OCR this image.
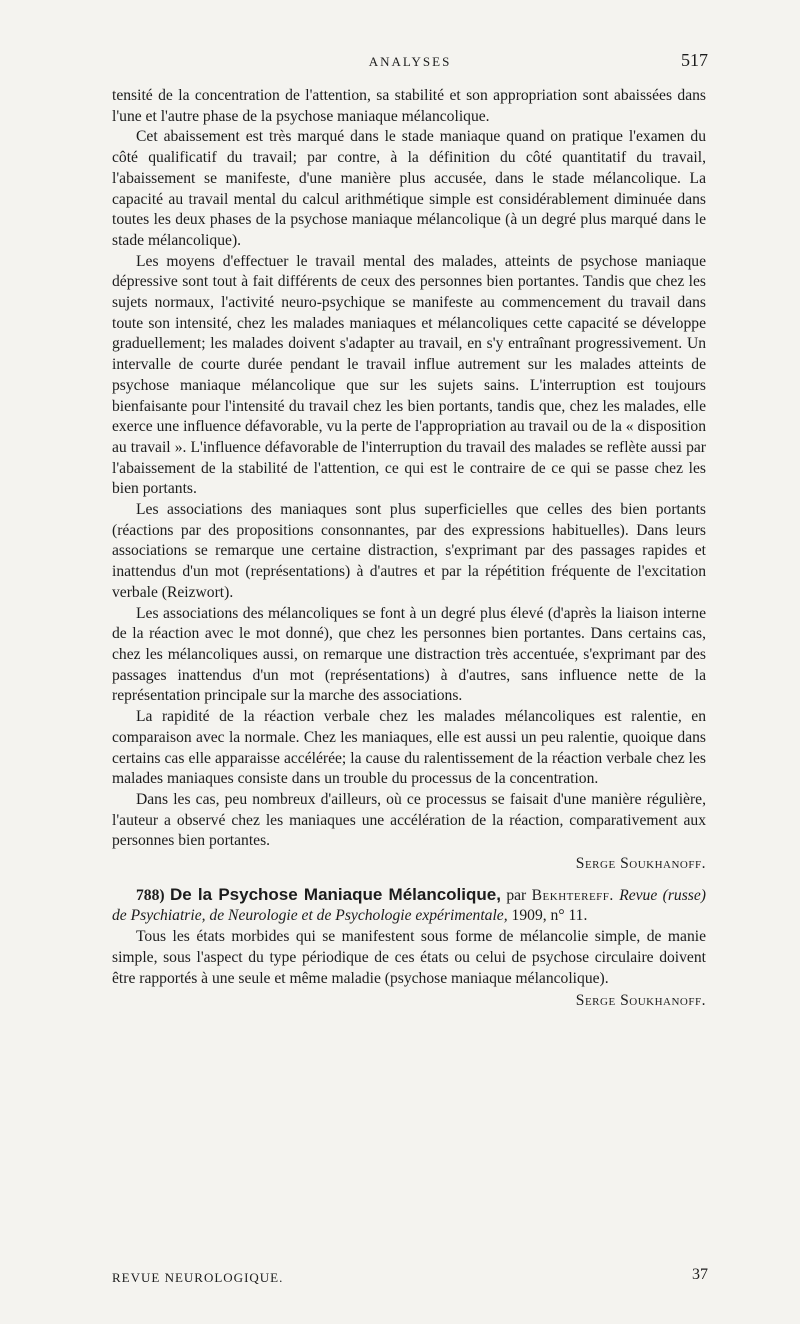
ANALYSES	517

tensité de la concentration de l'attention, sa stabilité et son appropriation sont abaissées dans l'une et l'autre phase de la psychose maniaque mélancolique.

Cet abaissement est très marqué dans le stade maniaque quand on pratique l'examen du côté qualificatif du travail; par contre, à la définition du côté quantitatif du travail, l'abaissement se manifeste, d'une manière plus accusée, dans le stade mélancolique. La capacité au travail mental du calcul arithmétique simple est considérablement diminuée dans toutes les deux phases de la psychose maniaque mélancolique (à un degré plus marqué dans le stade mélancolique).

Les moyens d'effectuer le travail mental des malades, atteints de psychose maniaque dépressive sont tout à fait différents de ceux des personnes bien portantes. Tandis que chez les sujets normaux, l'activité neuro-psychique se manifeste au commencement du travail dans toute son intensité, chez les malades maniaques et mélancoliques cette capacité se développe graduellement; les malades doivent s'adapter au travail, en s'y entraînant progressivement. Un intervalle de courte durée pendant le travail influe autrement sur les malades atteints de psychose maniaque mélancolique que sur les sujets sains. L'interruption est toujours bienfaisante pour l'intensité du travail chez les bien portants, tandis que, chez les malades, elle exerce une influence défavorable, vu la perte de l'appropriation au travail ou de la « disposition au travail ». L'influence défavorable de l'interruption du travail des malades se reflète aussi par l'abaissement de la stabilité de l'attention, ce qui est le contraire de ce qui se passe chez les bien portants.

Les associations des maniaques sont plus superficielles que celles des bien portants (réactions par des propositions consonnantes, par des expressions habituelles). Dans leurs associations se remarque une certaine distraction, s'exprimant par des passages rapides et inattendus d'un mot (représentations) à d'autres et par la répétition fréquente de l'excitation verbale (Reizwort).

Les associations des mélancoliques se font à un degré plus élevé (d'après la liaison interne de la réaction avec le mot donné), que chez les personnes bien portantes. Dans certains cas, chez les mélancoliques aussi, on remarque une distraction très accentuée, s'exprimant par des passages inattendus d'un mot (représentations) à d'autres, sans influence nette de la représentation principale sur la marche des associations.

La rapidité de la réaction verbale chez les malades mélancoliques est ralentie, en comparaison avec la normale. Chez les maniaques, elle est aussi un peu ralentie, quoique dans certains cas elle apparaisse accélérée; la cause du ralentissement de la réaction verbale chez les malades maniaques consiste dans un trouble du processus de la concentration.

Dans les cas, peu nombreux d'ailleurs, où ce processus se faisait d'une manière régulière, l'auteur a observé chez les maniaques une accélération de la réaction, comparativement aux personnes bien portantes.

Serge Soukhanoff.

788) De la Psychose Maniaque Mélancolique, par Bekhtereff. Revue (russe) de Psychiatrie, de Neurologie et de Psychologie expérimentale, 1909, n° 11.

Tous les états morbides qui se manifestent sous forme de mélancolie simple, de manie simple, sous l'aspect du type périodique de ces états ou celui de psychose circulaire doivent être rapportés à une seule et même maladie (psychose maniaque mélancolique).

Serge Soukhanoff.
REVUE NEUROLOGIQUE.	37
